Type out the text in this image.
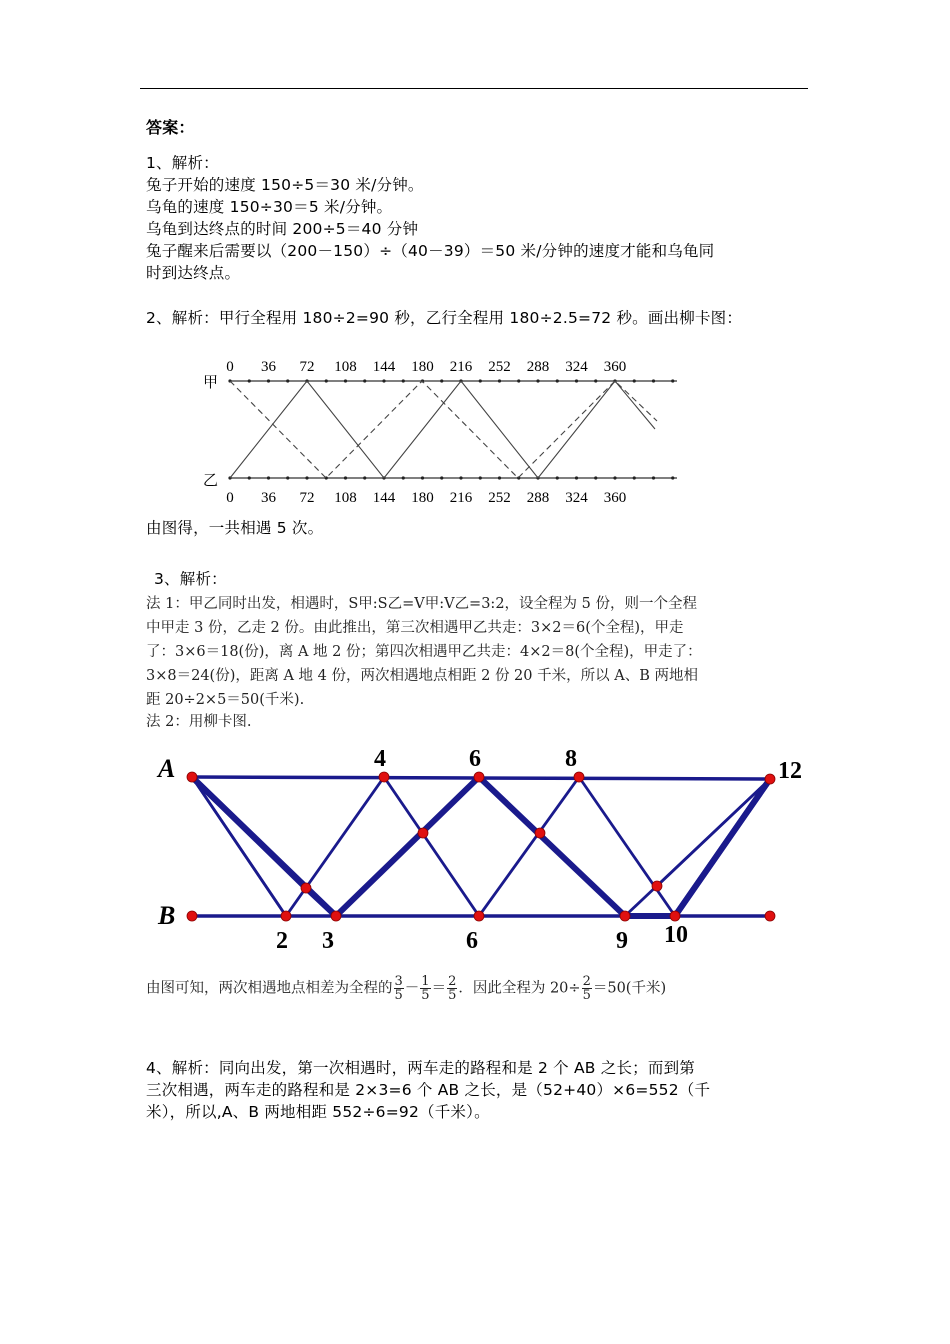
答案：
1、解析：
兔子开始的速度 150÷5＝30 米/分钟。
乌龟的速度 150÷30＝5 米/分钟。
乌龟到达终点的时间 200÷5＝40 分钟
兔子醒来后需要以（200－150）÷（40－39）＝50 米/分钟的速度才能和乌龟同
时到达终点。
2、解析：甲行全程用 180÷2=90 秒，乙行全程用 180÷2.5=72 秒。画出柳卡图：
甲
乙
0 36 72 108 144 180 216 252 288 324 360
0 36 72 108 144 180 216 252 288 324 360
由图得，一共相遇 5 次。
3、解析：
法 1：甲乙同时出发，相遇时，S甲:S乙=V甲:V乙=3:2，设全程为 5 份，则一个全程
中甲走 3 份，乙走 2 份。由此推出，第三次相遇甲乙共走：3×2＝6(个全程)，甲走
了：3×6＝18(份)，离 A 地 2 份；第四次相遇甲乙共走：4×2＝8(个全程)，甲走了：
3×8＝24(份)，距离 A 地 4 份，两次相遇地点相距 2 份 20 千米，所以 A、B 两地相
距 20÷2×5＝50(千米).
法 2：用柳卡图.
A
B
4	6	8	12
2 3	6	9 10
由图可知，两次相遇地点相差为全程的 $\frac{3}{5} - \frac{1}{5} = \frac{2}{5}$ ．因此全程为 $20\div \frac{2}{5} =50$(千米)
4、解析：同向出发，第一次相遇时，两车走的路程和是 2 个 AB 之长；而到第
三次相遇，两车走的路程和是 2×3=6 个 AB 之长，是（52+40）×6=552（千
米），所以,A、B 两地相距 552÷6=92（千米）。
